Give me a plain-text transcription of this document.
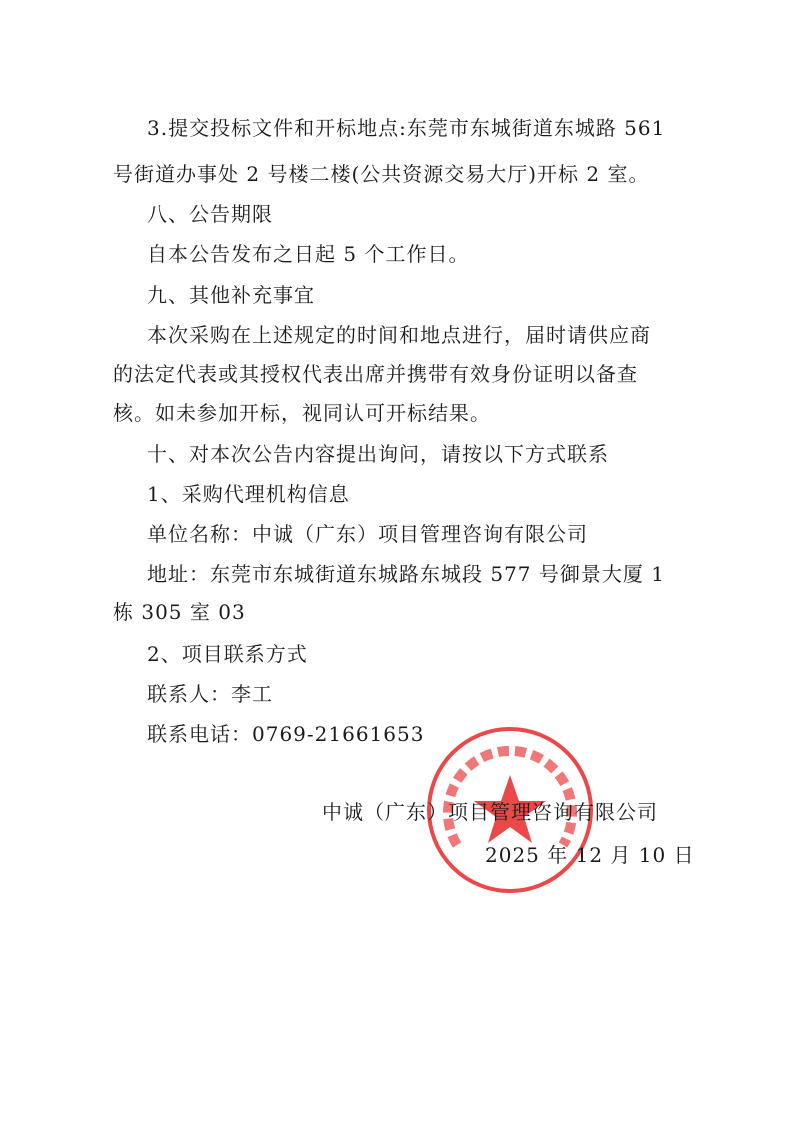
3.提交投标文件和开标地点:东莞市东城街道东城路 561
号街道办事处 2 号楼二楼(公共资源交易大厅)开标 2 室。
八、公告期限
自本公告发布之日起 5 个工作日。
九、其他补充事宜
本次采购在上述规定的时间和地点进行，届时请供应商
的法定代表或其授权代表出席并携带有效身份证明以备查
核。如未参加开标，视同认可开标结果。
十、对本次公告内容提出询问，请按以下方式联系
1、采购代理机构信息
单位名称：中诚（广东）项目管理咨询有限公司
地址：东莞市东城街道东城路东城段 577 号御景大厦 1
栋 305 室 03
2、项目联系方式
联系人：李工
联系电话：0769-21661653
中诚（广东）项目管理咨询有限公司
2025 年 12 月 10 日
